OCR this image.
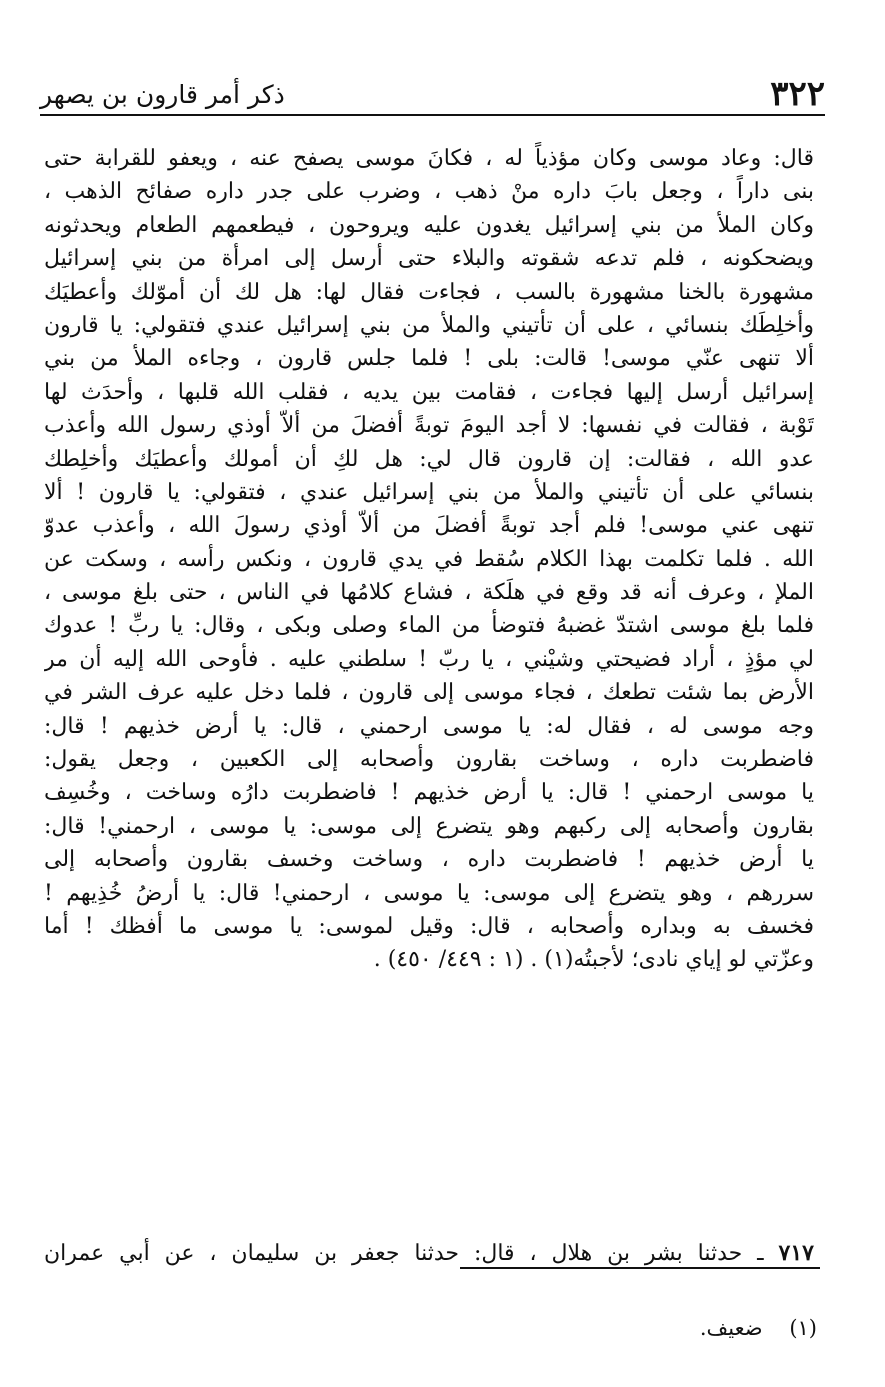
٣٢٢
ذكر أمر قارون بن يصهر
قال: وعاد موسى وكان مؤذياً له ، فكانَ موسى يصفح عنه ، ويعفو للقرابة حتى
بنى داراً ، وجعل بابَ داره منْ ذهب ، وضرب على جدر داره صفائح الذهب ،
وكان الملأ من بني إسرائيل يغدون عليه ويروحون ، فيطعمهم الطعام ويحدثونه
ويضحكونه ، فلم تدعه شقوته والبلاء حتى أرسل إلى امرأة من بني إسرائيل
مشهورة بالخنا مشهورة بالسب ، فجاءت فقال لها: هل لك أن أموّلك وأعطيَك
وأخلِطَك بنسائي ، على أن تأتيني والملأ من بني إسرائيل عندي فتقولي: يا قارون
ألا تنهى عنّي موسى! قالت: بلى ! فلما جلس قارون ، وجاءه الملأ من بني
إسرائيل أرسل إليها فجاءت ، فقامت بين يديه ، فقلب الله قلبها ، وأحدَث لها
تَوْبة ، فقالت في نفسها: لا أجد اليومَ توبةً أفضلَ من ألاّ أوذي رسول الله وأعذب
عدو الله ، فقالت: إن قارون قال لي: هل لكِ أن أمولك وأعطيَك وأخلِطك
بنسائي على أن تأتيني والملأ من بني إسرائيل عندي ، فتقولي: يا قارون ! ألا
تنهى عني موسى! فلم أجد توبةً أفضلَ من ألاّ أوذي رسولَ الله ، وأعذب عدوّ
الله . فلما تكلمت بهذا الكلام سُقط في يدي قارون ، ونكس رأسه ، وسكت عن
الملإ ، وعرف أنه قد وقع في هلَكة ، فشاع كلامُها في الناس ، حتى بلغ موسى ،
فلما بلغ موسى اشتدّ غضبهُ فتوضأ من الماء وصلى وبكى ، وقال: يا ربِّ ! عدوك
لي مؤذٍ ، أراد فضيحتي وشيْني ، يا ربّ ! سلطني عليه . فأوحى الله إليه أن مر
الأرض بما شئت تطعك ، فجاء موسى إلى قارون ، فلما دخل عليه عرف الشر في
وجه موسى له ، فقال له: يا موسى ارحمني ، قال: يا أرض خذيهم ! قال:
فاضطربت داره ، وساخت بقارون وأصحابه إلى الكعبين ، وجعل يقول:
يا موسى ارحمني ! قال: يا أرض خذيهم ! فاضطربت دارُه وساخت ، وخُسِف
بقارون وأصحابه إلى ركبهم وهو يتضرع إلى موسى: يا موسى ، ارحمني! قال:
يا أرض خذيهم ! فاضطربت داره ، وساخت وخسف بقارون وأصحابه إلى
سررهم ، وهو يتضرع إلى موسى: يا موسى ، ارحمني! قال: يا أرضُ خُذِيهم !
فخسف به وبداره وأصحابه ، قال: وقيل لموسى: يا موسى ما أفظك ! أما
وعزّتي لو إياي نادى؛ لأجبتُه(١) . (١ : ٤٤٩/ ٤٥٠) .
٧١٧ ـ حدثنا بشر بن هلال ، قال: حدثنا جعفر بن سليمان ، عن أبي عمران
(١)    ضعيف.
